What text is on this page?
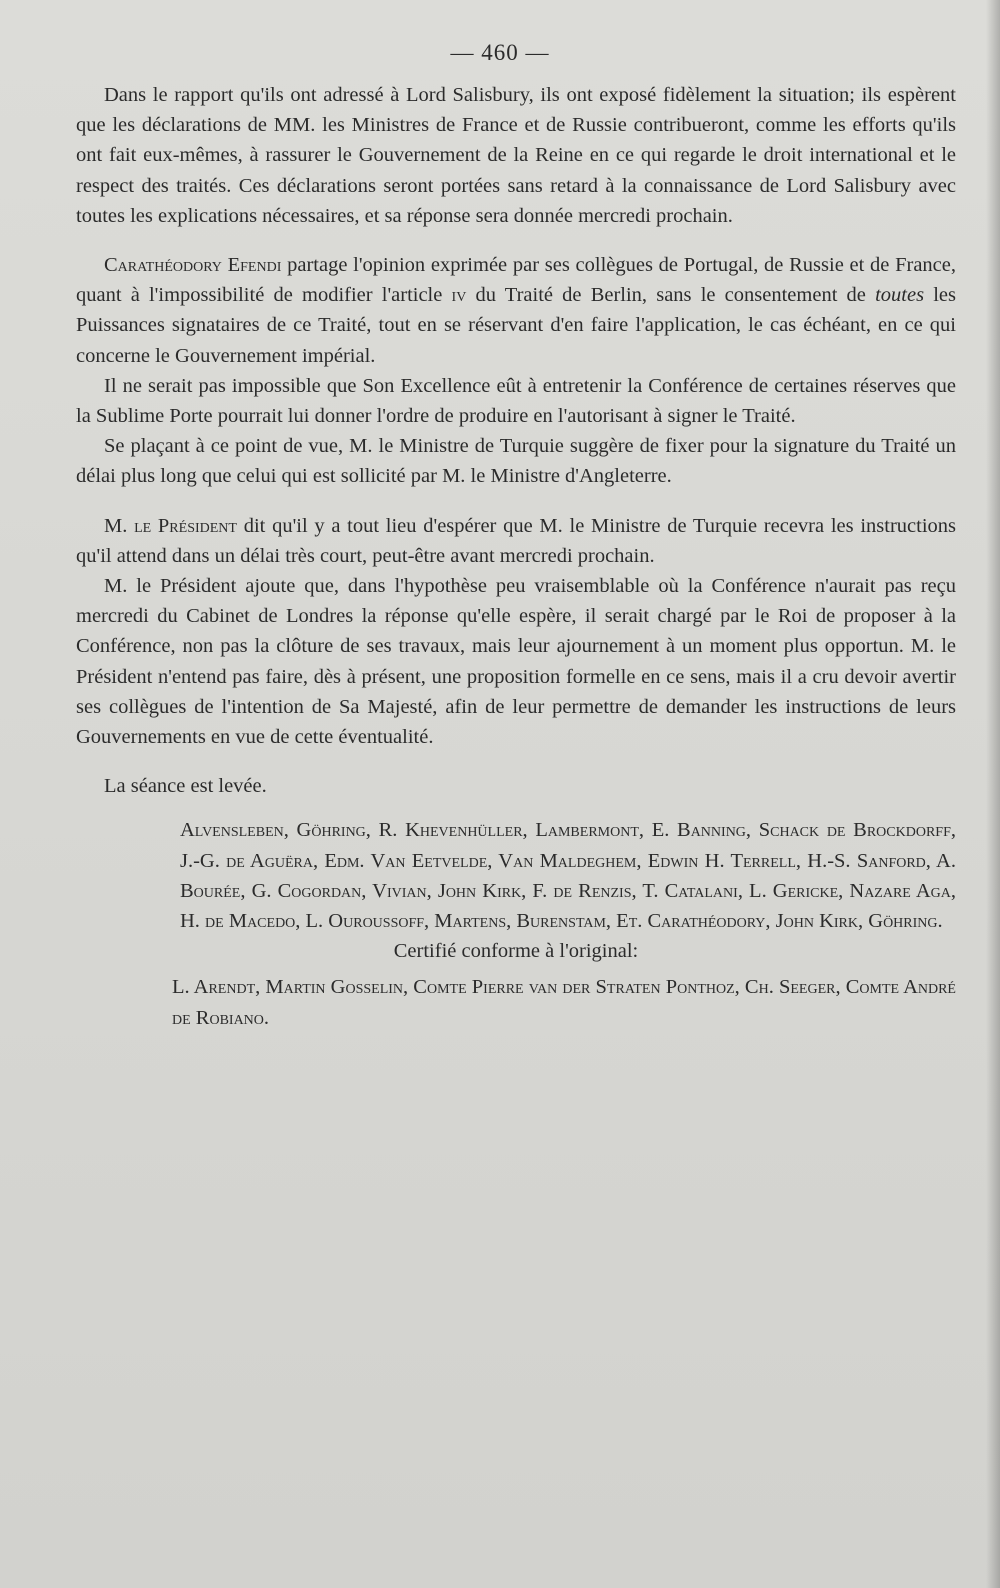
— 460 —

Dans le rapport qu'ils ont adressé à Lord Salisbury, ils ont exposé fidèlement la situation; ils espèrent que les déclarations de MM. les Ministres de France et de Russie contribueront, comme les efforts qu'ils ont fait eux-mêmes, à rassurer le Gouvernement de la Reine en ce qui regarde le droit international et le respect des traités. Ces déclarations seront portées sans retard à la connaissance de Lord Salisbury avec toutes les explications nécessaires, et sa réponse sera donnée mercredi prochain.

Carathéodory Efendi partage l'opinion exprimée par ses collègues de Portugal, de Russie et de France, quant à l'impossibilité de modifier l'article iv du Traité de Berlin, sans le consentement de toutes les Puissances signataires de ce Traité, tout en se réservant d'en faire l'application, le cas échéant, en ce qui concerne le Gouvernement impérial.

Il ne serait pas impossible que Son Excellence eût à entretenir la Conférence de certaines réserves que la Sublime Porte pourrait lui donner l'ordre de produire en l'autorisant à signer le Traité.

Se plaçant à ce point de vue, M. le Ministre de Turquie suggère de fixer pour la signature du Traité un délai plus long que celui qui est sollicité par M. le Ministre d'Angleterre.

M. le Président dit qu'il y a tout lieu d'espérer que M. le Ministre de Turquie recevra les instructions qu'il attend dans un délai très court, peut-être avant mercredi prochain.

M. le Président ajoute que, dans l'hypothèse peu vraisemblable où la Conférence n'aurait pas reçu mercredi du Cabinet de Londres la réponse qu'elle espère, il serait chargé par le Roi de proposer à la Conférence, non pas la clôture de ses travaux, mais leur ajournement à un moment plus opportun. M. le Président n'entend pas faire, dès à présent, une proposition formelle en ce sens, mais il a cru devoir avertir ses collègues de l'intention de Sa Majesté, afin de leur permettre de demander les instructions de leurs Gouvernements en vue de cette éventualité.

La séance est levée.

Alvensleben, Göhring, R. Khevenhüller, Lambermont, E. Banning, Schack de Brockdorff, J.-G. de Aguëra, Edm. Van Eetvelde, Van Maldeghem, Edwin H. Terrell, H.-S. Sanford, A. Bourée, G. Cogordan, Vivian, John Kirk, F. de Renzis, T. Catalani, L. Gericke, Nazare Aga, H. de Macedo, L. Ouroussoff, Martens, Burenstam, Et. Carathéodory, John Kirk, Göhring.

Certifié conforme à l'original:

L. Arendt, Martin Gosselin, Comte Pierre van der Straten Ponthoz, Ch. Seeger, Comte André de Robiano.
